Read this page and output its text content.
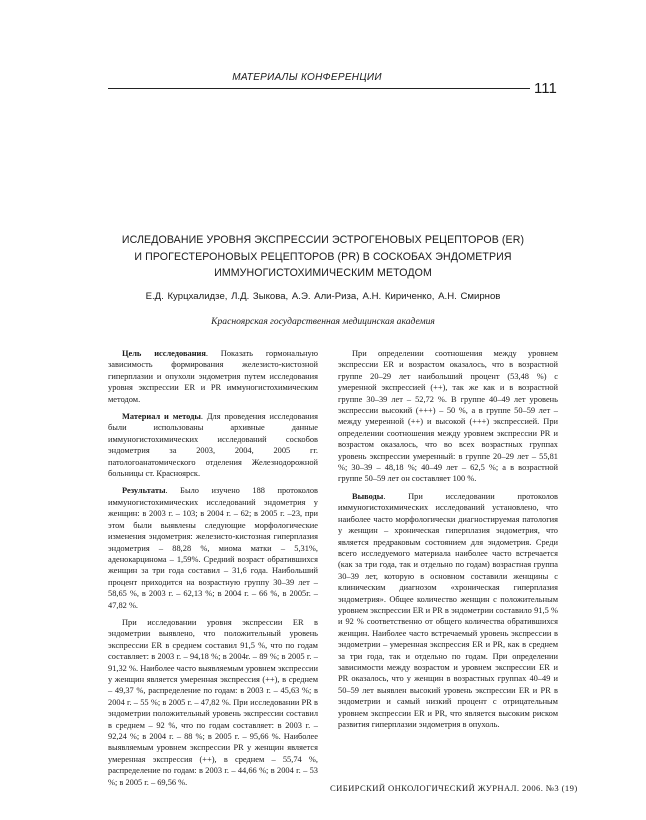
МАТЕРИАЛЫ КОНФЕРЕНЦИИ
111
ИСЛЕДОВАНИЕ УРОВНЯ ЭКСПРЕССИИ ЭСТРОГЕНОВЫХ РЕЦЕПТОРОВ (ER)
И ПРОГЕСТЕРОНОВЫХ РЕЦЕПТОРОВ (PR) В СОСКОБАХ ЭНДОМЕТРИЯ
ИММУНОГИСТОХИМИЧЕСКИМ МЕТОДОМ
Е.Д. Курцхалидзе, Л.Д. Зыкова, А.Э. Али-Риза, А.Н. Кириченко, А.Н. Смирнов
Красноярская государственная медицинская академия

Цель исследования. Показать гормональную зависимость формирования железисто-кистозной гиперплазии и опухоли эндометрия путем исследования уровня экспрессии ER и PR иммуногистохимическим методом.

Материал и методы. Для проведения исследования были использованы архивные данные иммуногистохимических исследований соскобов эндометрия за 2003, 2004, 2005 гг. патологоанатомического отделения Железнодорожной больницы ст. Красноярск.

Результаты. Было изучено 188 протоколов иммуногистохимических исследований эндометрия у женщин: в 2003 г. – 103; в 2004 г. – 62; в 2005 г. –23, при этом были выявлены следующие морфологические изменения эндометрия: железисто-кистозная гиперплазия эндометрия – 88,28 %, миома матки – 5,31%, аденокарцинома – 1,59%. Средний возраст обратившихся женщин за три года составил – 31,6 года. Наибольший процент приходится на возрастную группу 30–39 лет – 58,65 %, в 2003 г. – 62,13 %; в 2004 г. – 66 %, в 2005г. – 47,82 %.

При исследовании уровня экспрессии ER в эндометрии выявлено, что положительный уровень экспрессии ER в среднем составил 91,5 %, что по годам составляет: в 2003 г. – 94,18 %; в 2004г. – 89 %; в 2005 г. – 91,32 %. Наиболее часто выявляемым уровнем экспрессии у женщин является умеренная экспрессия (++), в среднем – 49,37 %, распределение по годам: в 2003 г. – 45,63 %; в 2004 г. – 55 %; в 2005 г. – 47,82 %. При исследовании PR в эндометрии положительный уровень экспрессии составил в среднем – 92 %, что по годам составляет: в 2003 г. – 92,24 %; в 2004 г. – 88 %; в 2005 г. – 95,66 %. Наиболее выявляемым уровнем экспрессии PR у женщин является умеренная экспрессия (++), в среднем – 55,74 %, распределение по годам: в 2003 г. – 44,66 %; в 2004 г. – 53 %; в 2005 г. – 69,56 %.

При определении соотношения между уровнем экспрессии ER и возрастом оказалось, что в возрастной группе 20–29 лет наибольший процент (53,48 %) с умеренной экспрессией (++), так же как и в возрастной группе 30–39 лет – 52,72 %. В группе 40–49 лет уровень экспрессии высокий (+++) – 50 %, а в группе 50–59 лет – между умеренной (++) и высокой (+++) экспрессией. При определении соотношения между уровнем экспрессии PR и возрастом оказалось, что во всех возрастных группах уровень экспрессии умеренный: в группе 20–29 лет – 55,81 %; 30–39 – 48,18 %; 40–49 лет – 62,5 %; а в возрастной группе 50–59 лет он составляет 100 %.

Выводы. При исследовании протоколов иммуногистохимических исследований установлено, что наиболее часто морфологически диагностируемая патология у женщин – хроническая гиперплазия эндометрия, что является предраковым состоянием для эндометрия. Среди всего исследуемого материала наиболее часто встречается (как за три года, так и отдельно по годам) возрастная группа 30–39 лет, которую в основном составили женщины с клиническим диагнозом «хроническая гиперплазия эндометрия». Общее количество женщин с положительным уровнем экспрессии ER и PR в эндометрии составило 91,5 % и 92 % соответственно от общего количества обратившихся женщин. Наиболее часто встречаемый уровень экспрессии в эндометрии – умеренная экспрессия ER и PR, как в среднем за три года, так и отдельно по годам. При определении зависимости между возрастом и уровнем экспрессии ER и PR оказалось, что у женщин в возрастных группах 40–49 и 50–59 лет выявлен высокий уровень экспрессии ER и PR в эндометрии и самый низкий процент с отрицательным уровнем экспрессии ER и PR, что является высоким риском развития гиперплазии эндометрия в опухоль.

СИБИРСКИЙ ОНКОЛОГИЧЕСКИЙ ЖУРНАЛ. 2006. №3 (19)
